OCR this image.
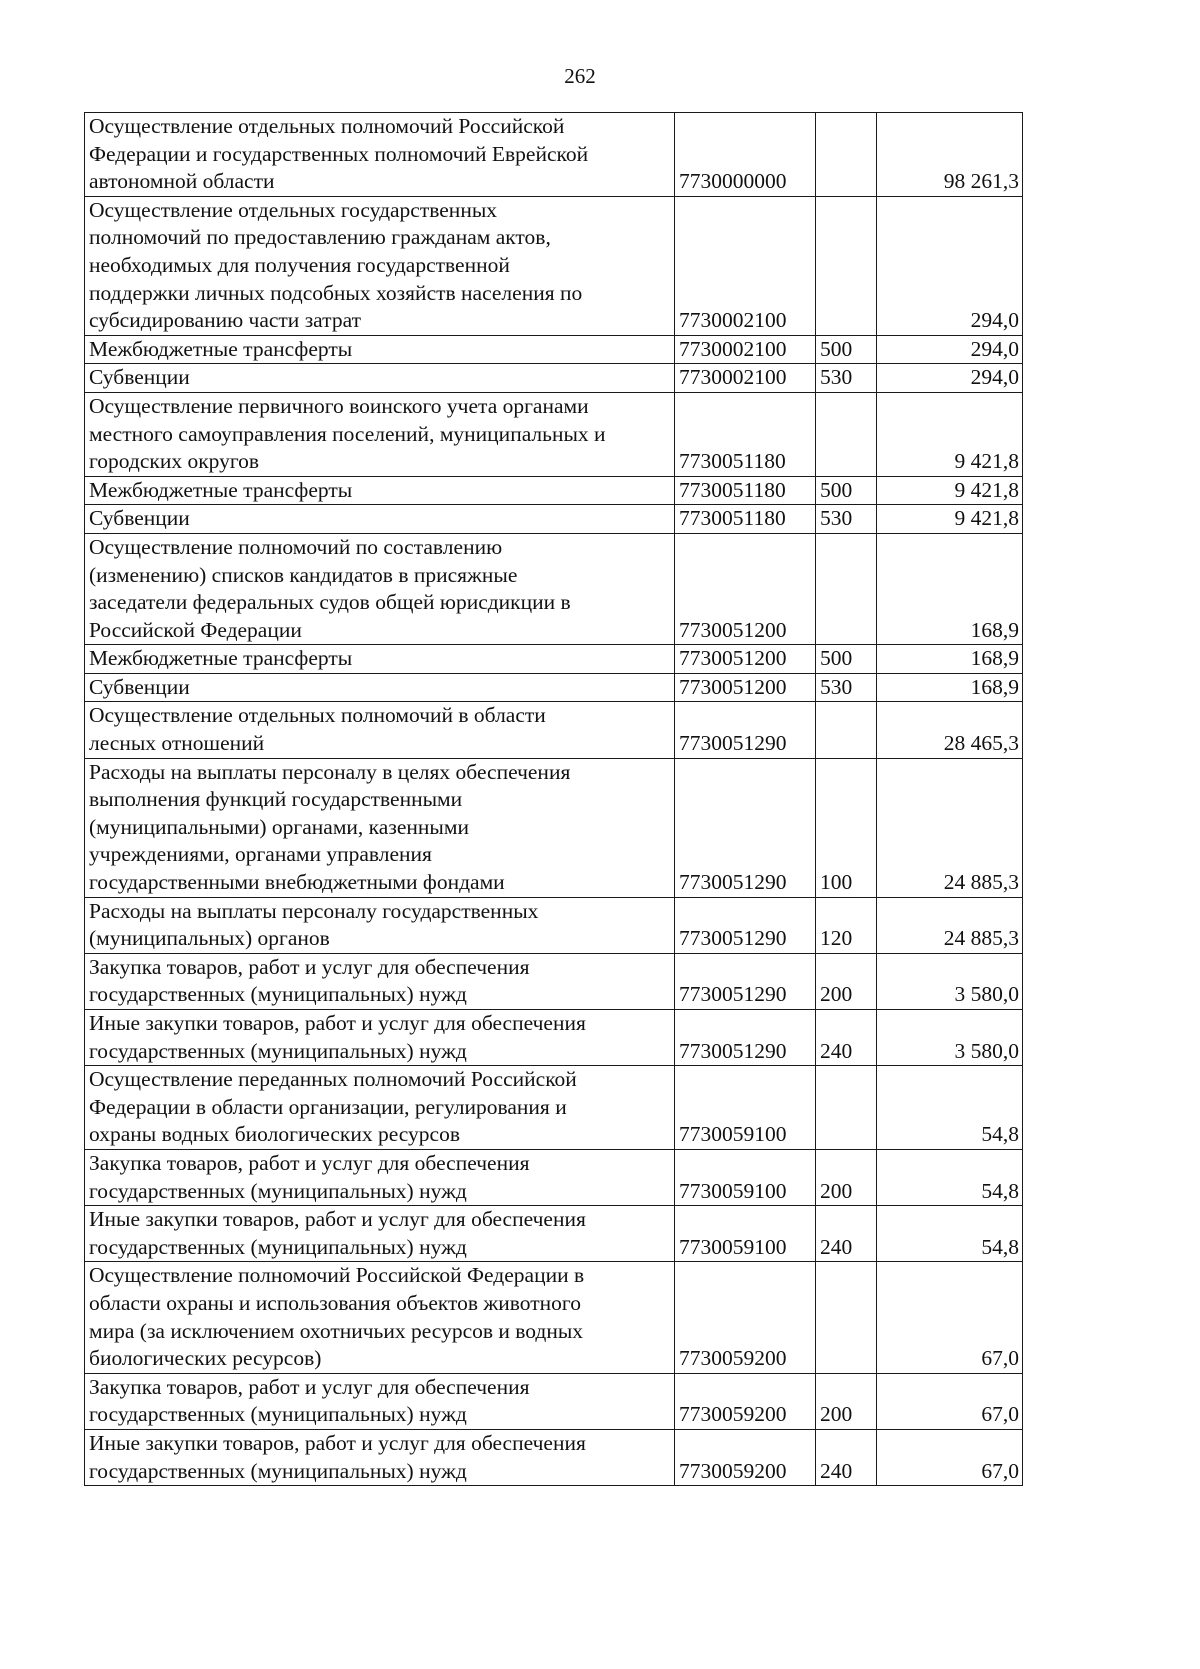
262
Осуществление отдельных полномочий Российской
Федерации и государственных полномочий Еврейской
автономной области	7730000000		98 261,3
Осуществление отдельных государственных
полномочий по предоставлению гражданам актов,
необходимых для получения государственной
поддержки личных подсобных хозяйств населения по
субсидированию части затрат	7730002100		294,0
Межбюджетные трансферты	7730002100	500	294,0
Субвенции	7730002100	530	294,0
Осуществление первичного воинского учета органами
местного самоуправления поселений, муниципальных и
городских округов	7730051180		9 421,8
Межбюджетные трансферты	7730051180	500	9 421,8
Субвенции	7730051180	530	9 421,8
Осуществление полномочий по составлению
(изменению) списков кандидатов в присяжные
заседатели федеральных судов общей юрисдикции в
Российской Федерации	7730051200		168,9
Межбюджетные трансферты	7730051200	500	168,9
Субвенции	7730051200	530	168,9
Осуществление отдельных полномочий в области
лесных отношений	7730051290		28 465,3
Расходы на выплаты персоналу в целях обеспечения
выполнения функций государственными
(муниципальными) органами, казенными
учреждениями, органами управления
государственными внебюджетными фондами	7730051290	100	24 885,3
Расходы на выплаты персоналу государственных
(муниципальных) органов	7730051290	120	24 885,3
Закупка товаров, работ и услуг для обеспечения
государственных (муниципальных) нужд	7730051290	200	3 580,0
Иные закупки товаров, работ и услуг для обеспечения
государственных (муниципальных) нужд	7730051290	240	3 580,0
Осуществление переданных полномочий Российской
Федерации в области организации, регулирования и
охраны водных биологических ресурсов	7730059100		54,8
Закупка товаров, работ и услуг для обеспечения
государственных (муниципальных) нужд	7730059100	200	54,8
Иные закупки товаров, работ и услуг для обеспечения
государственных (муниципальных) нужд	7730059100	240	54,8
Осуществление полномочий Российской Федерации в
области охраны и использования объектов животного
мира (за исключением охотничьих ресурсов и водных
биологических ресурсов)	7730059200		67,0
Закупка товаров, работ и услуг для обеспечения
государственных (муниципальных) нужд	7730059200	200	67,0
Иные закупки товаров, работ и услуг для обеспечения
государственных (муниципальных) нужд	7730059200	240	67,0
